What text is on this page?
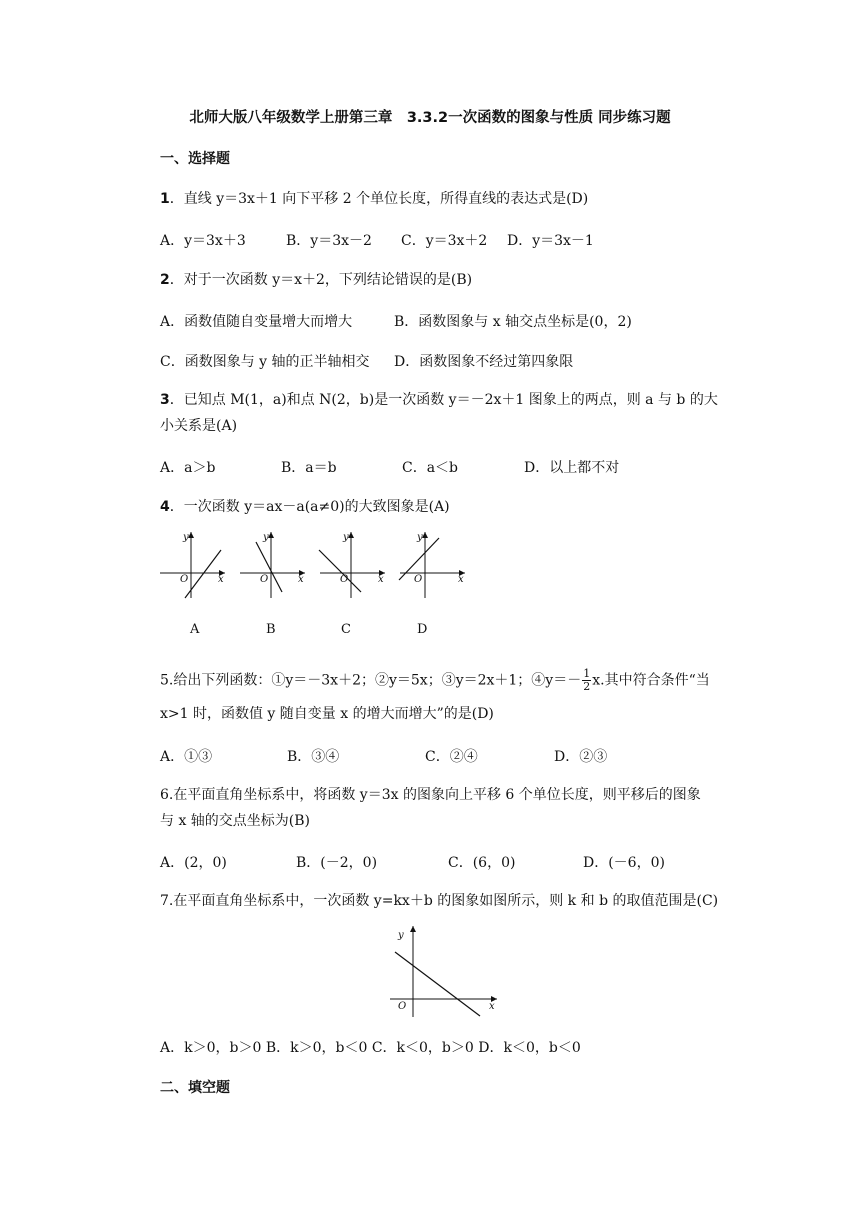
北师大版八年级数学上册第三章　3.3.2一次函数的图象与性质 同步练习题
一、选择题
1．直线 y＝3x＋1 向下平移 2 个单位长度，所得直线的表达式是(D)
A．y＝3x＋3	B．y＝3x－2 C．y＝3x＋2 D．y＝3x－1
2．对于一次函数 y＝x＋2，下列结论错误的是(B)
A．函数值随自变量增大而增大	B．函数图象与 x 轴交点坐标是(0，2)
C．函数图象与 y 轴的正半轴相交 D．函数图象不经过第四象限
3．已知点 M(1，a)和点 N(2，b)是一次函数 y＝－2x＋1 图象上的两点，则 a 与 b 的大
小关系是(A)
A．a＞b	B．a＝b	C．a＜b	D．以上都不对
4．一次函数 y＝ax－a(a≠0)的大致图象是(A)
y
x
O
y
x
O
y
x
O
y
x
O
A	B	C	D
5.给出下列函数：①y＝－3x＋2；②y＝5x；③y＝2x＋1；④y＝－ $\frac{1}{2} x$.其中符合条件“当
x>1 时，函数值 y 随自变量 x 的增大而增大”的是(D)
A．①③	B．③④	C．②④	D．②③
6.在平面直角坐标系中，将函数 y＝3x 的图象向上平移 6 个单位长度，则平移后的图象
与 x 轴的交点坐标为(B)
A．(2，0)	B．(－2，0)	C．(6，0)	D．(－6，0)
7.在平面直角坐标系中，一次函数 y=kx＋b 的图象如图所示，则 k 和 b 的取值范围是(C)
y
x
O
A．k＞0，b＞0 B．k＞0，b＜0 C．k＜0，b＞0 D．k＜0，b＜0
二、填空题
